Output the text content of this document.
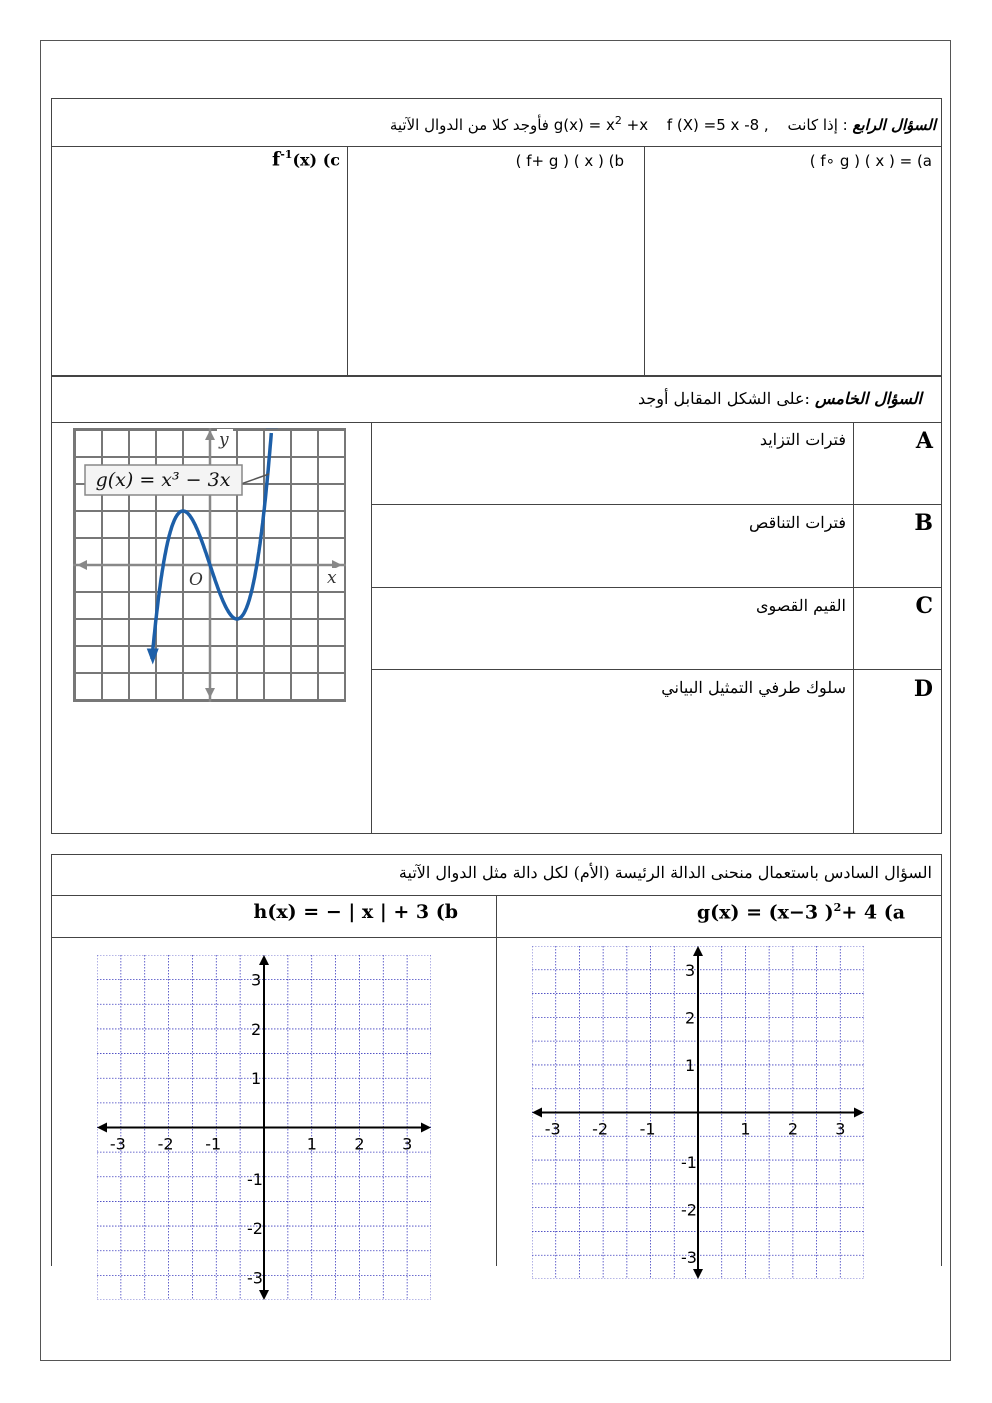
السؤال الرابع : إذا كانت f (X) =5 x -8 , $g(x) = x^2 +x$ فأوجد كلا من الدوال الآتية
( f∘ g ) ( x ) = (a
( f+ g ) ( x ) (b
$f^{-1}(x)$ (c
السؤال الخامس :على الشكل المقابل أوجد
A
فترات التزايد
B
فترات التناقص
C
القيم القصوى
D
سلوك طرفي التمثيل البياني
g(x) = x³ − 3x
y
x
O
السؤال السادس باستعمال منحنى الدالة الرئيسة (الأم) لكل دالة مثل الدوال الآتية
g(x) = (x−3 )$^2$+ 4 (a
h(x) = − | x | + 3 (b
1
-1
1
-1
2
-2
2
-2
3
-3
3
-3
1
-1
1
-1
2
-2
2
-2
3
-3
3
-3
